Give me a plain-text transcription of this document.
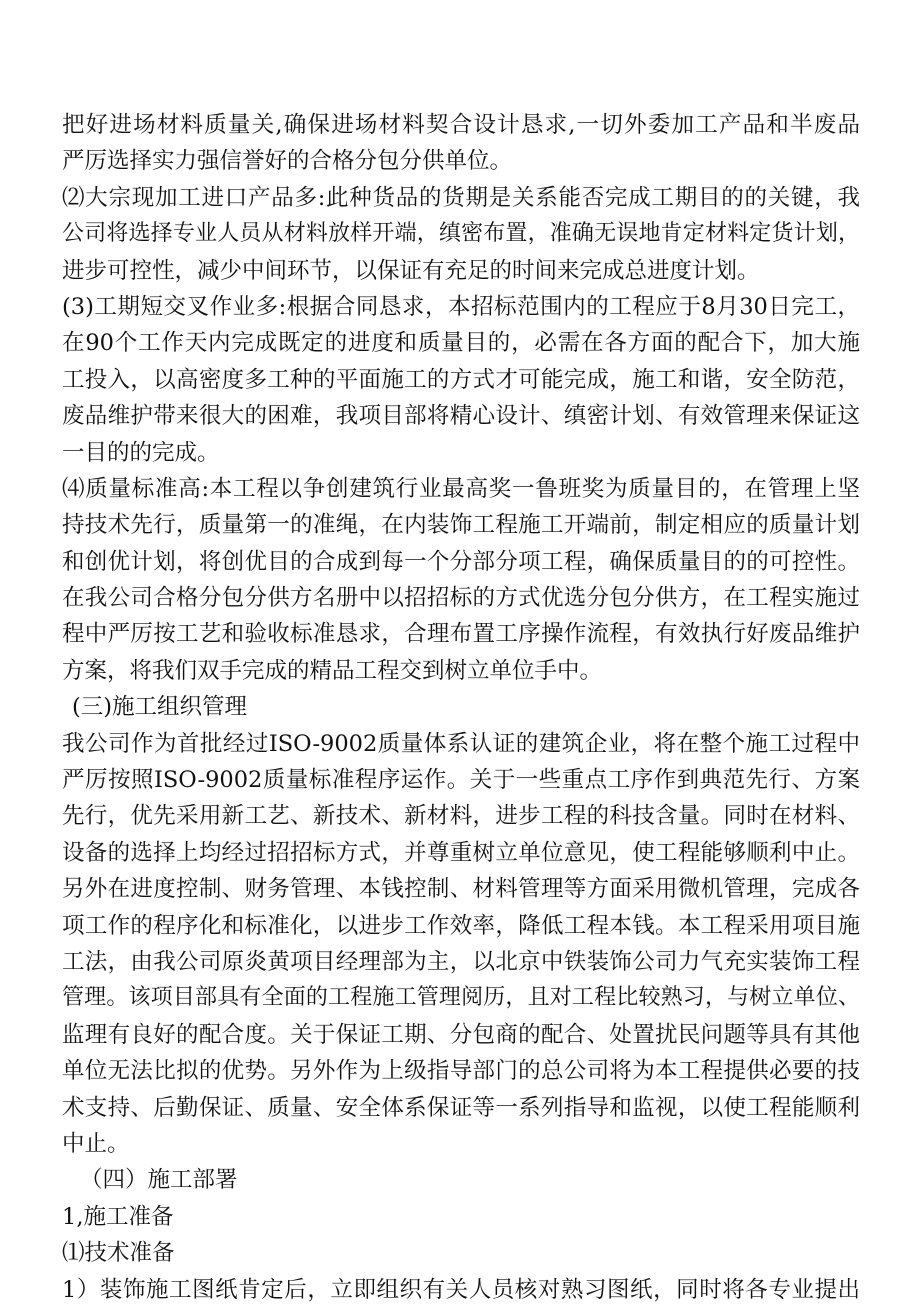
把好进场材料质量关,确保进场材料契合设计恳求,一切外委加工产品和半废品
严厉选择实力强信誉好的合格分包分供单位。
⑵大宗现加工进口产品多:此种货品的货期是关系能否完成工期目的的关键，我
公司将选择专业人员从材料放样开端，缜密布置，准确无误地肯定材料定货计划，
进步可控性，减少中间环节，以保证有充足的时间来完成总进度计划。
(3)工期短交叉作业多:根据合同恳求，本招标范围内的工程应于8月30日完工，
在90个工作天内完成既定的进度和质量目的，必需在各方面的配合下，加大施
工投入，以高密度多工种的平面施工的方式才可能完成，施工和谐，安全防范，
废品维护带来很大的困难，我项目部将精心设计、缜密计划、有效管理来保证这
一目的的完成。
⑷质量标准高:本工程以争创建筑行业最高奖一鲁班奖为质量目的，在管理上坚
持技术先行，质量第一的准绳，在内装饰工程施工开端前，制定相应的质量计划
和创优计划，将创优目的合成到每一个分部分项工程，确保质量目的的可控性。
在我公司合格分包分供方名册中以招招标的方式优选分包分供方，在工程实施过
程中严厉按工艺和验收标准恳求，合理布置工序操作流程，有效执行好废品维护
方案，将我们双手完成的精品工程交到树立单位手中。
(三)施工组织管理
我公司作为首批经过ISO-9002质量体系认证的建筑企业，将在整个施工过程中
严厉按照ISO-9002质量标准程序运作。关于一些重点工序作到典范先行、方案
先行，优先采用新工艺、新技术、新材料，进步工程的科技含量。同时在材料、
设备的选择上均经过招招标方式，并尊重树立单位意见，使工程能够顺利中止。
另外在进度控制、财务管理、本钱控制、材料管理等方面采用微机管理，完成各
项工作的程序化和标准化，以进步工作效率，降低工程本钱。本工程采用项目施
工法，由我公司原炎黄项目经理部为主，以北京中铁装饰公司力气充实装饰工程
管理。该项目部具有全面的工程施工管理阅历，且对工程比较熟习，与树立单位、
监理有良好的配合度。关于保证工期、分包商的配合、处置扰民问题等具有其他
单位无法比拟的优势。另外作为上级指导部门的总公司将为本工程提供必要的技
术支持、后勤保证、质量、安全体系保证等一系列指导和监视，以使工程能顺利
中止。
（四）施工部署
1,施工准备
⑴技术准备
1）装饰施工图纸肯定后，立即组织有关人员核对熟习图纸，同时将各专业提出
